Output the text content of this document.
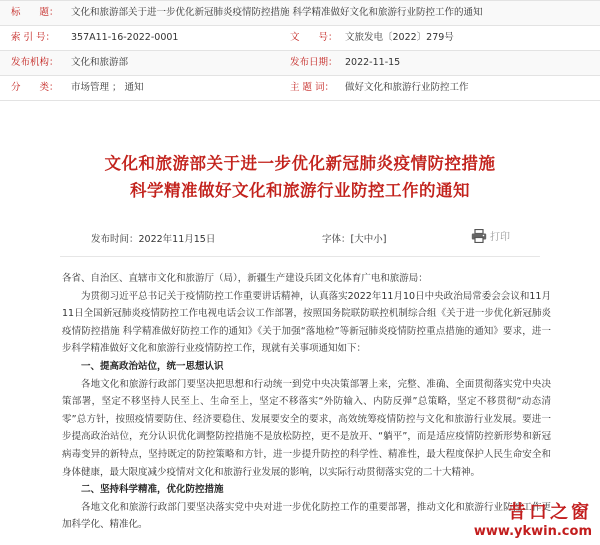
标　　题： 文化和旅游部关于进一步优化新冠肺炎疫情防控措施 科学精准做好文化和旅游行业防控工作的通知
索 引 号： 357A11-16-2022-0001	文　　号： 文旅发电〔2022〕279号
发布机构： 文化和旅游部	发布日期： 2022-11-15
分　　类： 市场管理 ； 通知	主 题 词： 做好文化和旅游行业防控工作
文化和旅游部关于进一步优化新冠肺炎疫情防控措施
科学精准做好文化和旅游行业防控工作的通知
发布时间：2022年11月15日	字体：[大中小]	打印

各省、自治区、直辖市文化和旅游厅（局），新疆生产建设兵团文化体育广电和旅游局：

为贯彻习近平总书记关于疫情防控工作重要讲话精神，认真落实2022年11月10日中央政治局常委会会议和11月11日全国新冠肺炎疫情防控工作电视电话会议工作部署，按照国务院联防联控机制综合组《关于进一步优化新冠肺炎疫情防控措施 科学精准做好防控工作的通知》《关于加强“落地检”等新冠肺炎疫情防控重点措施的通知》要求，进一步科学精准做好文化和旅游行业疫情防控工作，现就有关事项通知如下：

一、提高政治站位，统一思想认识

各地文化和旅游行政部门要坚决把思想和行动统一到党中央决策部署上来，完整、准确、全面贯彻落实党中央决策部署，坚定不移坚持人民至上、生命至上，坚定不移落实“外防输入、内防反弹”总策略，坚定不移贯彻“动态清零”总方针，按照疫情要防住、经济要稳住、发展要安全的要求，高效统筹疫情防控与文化和旅游行业发展。要进一步提高政治站位，充分认识优化调整防控措施不是放松防控，更不是放开、“躺平”，而是适应疫情防控新形势和新冠病毒变异的新特点，坚持既定的防控策略和方针，进一步提升防控的科学性、精准性，最大程度保护人民生命安全和身体健康，最大限度减少疫情对文化和旅游行业发展的影响，以实际行动贯彻落实党的二十大精神。

二、坚持科学精准，优化防控措施

各地文化和旅游行政部门要坚决落实党中央对进一步优化防控工作的重要部署，推动文化和旅游行业防控工作更加科学化、精准化。

昔口之窗
www.ykwin.com
